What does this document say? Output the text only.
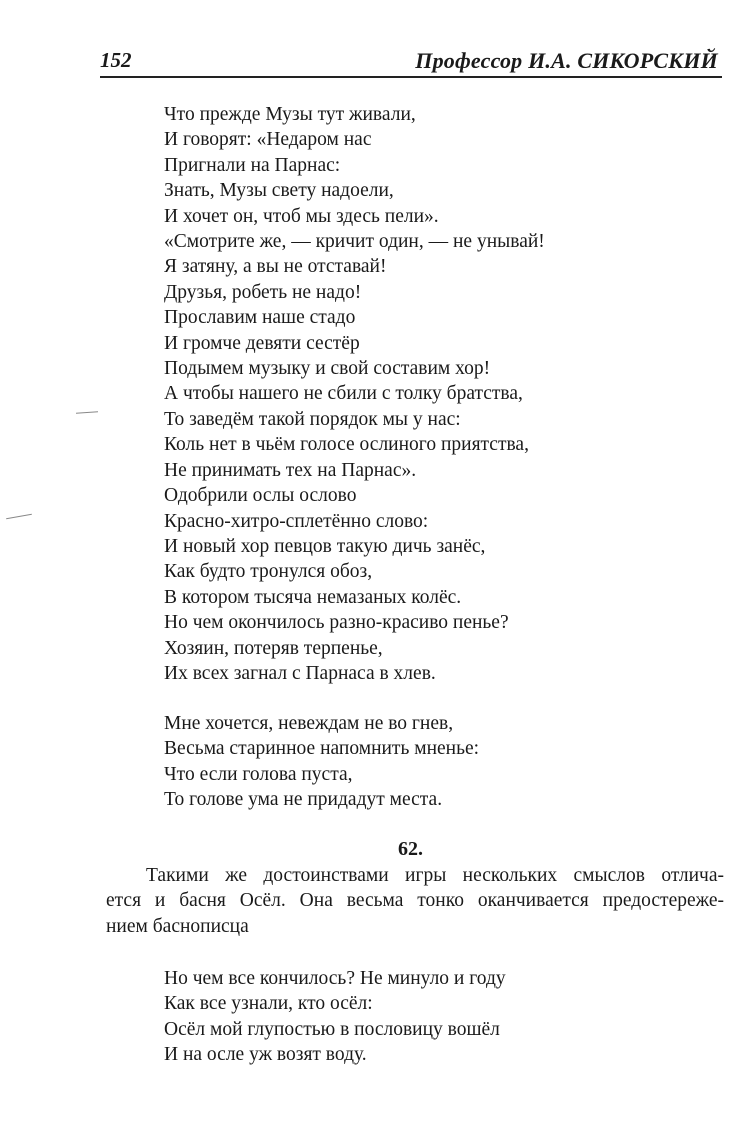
152	Профессор И.А. СИКОРСКИЙ
Что прежде Музы тут живали,
И говорят: «Недаром нас
Пригнали на Парнас:
Знать, Музы свету надоели,
И хочет он, чтоб мы здесь пели».
«Смотрите же, — кричит один, — не унывай!
Я затяну, а вы не отставай!
Друзья, робеть не надо!
Прославим наше стадо
И громче девяти сестёр
Подымем музыку и свой составим хор!
А чтобы нашего не сбили с толку братства,
То заведём такой порядок мы у нас:
Коль нет в чьём голосе ослиного приятства,
Не принимать тех на Парнас».
Одобрили ослы ослово
Красно-хитро-сплетённо слово:
И новый хор певцов такую дичь занёс,
Как будто тронулся обоз,
В котором тысяча немазаных колёс.
Но чем окончилось разно-красиво пенье?
Хозяин, потеряв терпенье,
Их всех загнал с Парнаса в хлев.
Мне хочется, невеждам не во гнев,
Весьма старинное напомнить мненье:
Что если голова пуста,
То голове ума не придадут места.
62.
Такими же достоинствами игры нескольких смыслов отлича-
ется и басня Осёл. Она весьма тонко оканчивается предостереже-
нием баснописца
Но чем все кончилось? Не минуло и году
Как все узнали, кто осёл:
Осёл мой глупостью в пословицу вошёл
И на осле уж возят воду.
